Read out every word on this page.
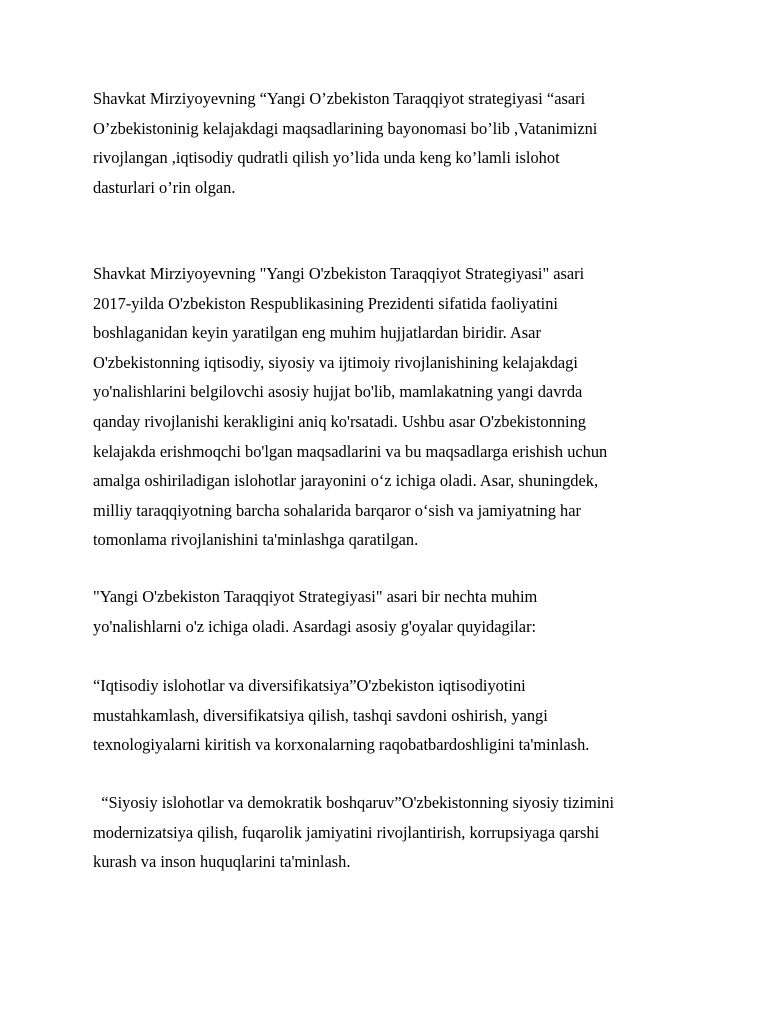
Shavkat Mirziyoyevning “Yangi O’zbekiston Taraqqiyot strategiyasi “asari
O’zbekistoninig kelajakdagi maqsadlarining bayonomasi bo’lib ,Vatanimizni
rivojlangan ,iqtisodiy qudratli qilish yo’lida unda keng ko’lamli islohot
dasturlari o’rin olgan.

Shavkat Mirziyoyevning "Yangi O'zbekiston Taraqqiyot Strategiyasi" asari
2017-yilda O'zbekiston Respublikasining Prezidenti sifatida faoliyatini
boshlaganidan keyin yaratilgan eng muhim hujjatlardan biridir. Asar
O'zbekistonning iqtisodiy, siyosiy va ijtimoiy rivojlanishining kelajakdagi
yo'nalishlarini belgilovchi asosiy hujjat bo'lib, mamlakatning yangi davrda
qanday rivojlanishi kerakligini aniq ko'rsatadi. Ushbu asar O'zbekistonning
kelajakda erishmoqchi bo'lgan maqsadlarini va bu maqsadlarga erishish uchun
amalga oshiriladigan islohotlar jarayonini o‘z ichiga oladi. Asar, shuningdek,
milliy taraqqiyotning barcha sohalarida barqaror o‘sish va jamiyatning har
tomonlama rivojlanishini ta'minlashga qaratilgan.

"Yangi O'zbekiston Taraqqiyot Strategiyasi" asari bir nechta muhim
yo'nalishlarni o'z ichiga oladi. Asardagi asosiy g'oyalar quyidagilar:

“Iqtisodiy islohotlar va diversifikatsiya”O'zbekiston iqtisodiyotini
mustahkamlash, diversifikatsiya qilish, tashqi savdoni oshirish, yangi
texnologiyalarni kiritish va korxonalarning raqobatbardoshligini ta'minlash.

“Siyosiy islohotlar va demokratik boshqaruv”O'zbekistonning siyosiy tizimini
modernizatsiya qilish, fuqarolik jamiyatini rivojlantirish, korrupsiyaga qarshi
kurash va inson huquqlarini ta'minlash.
